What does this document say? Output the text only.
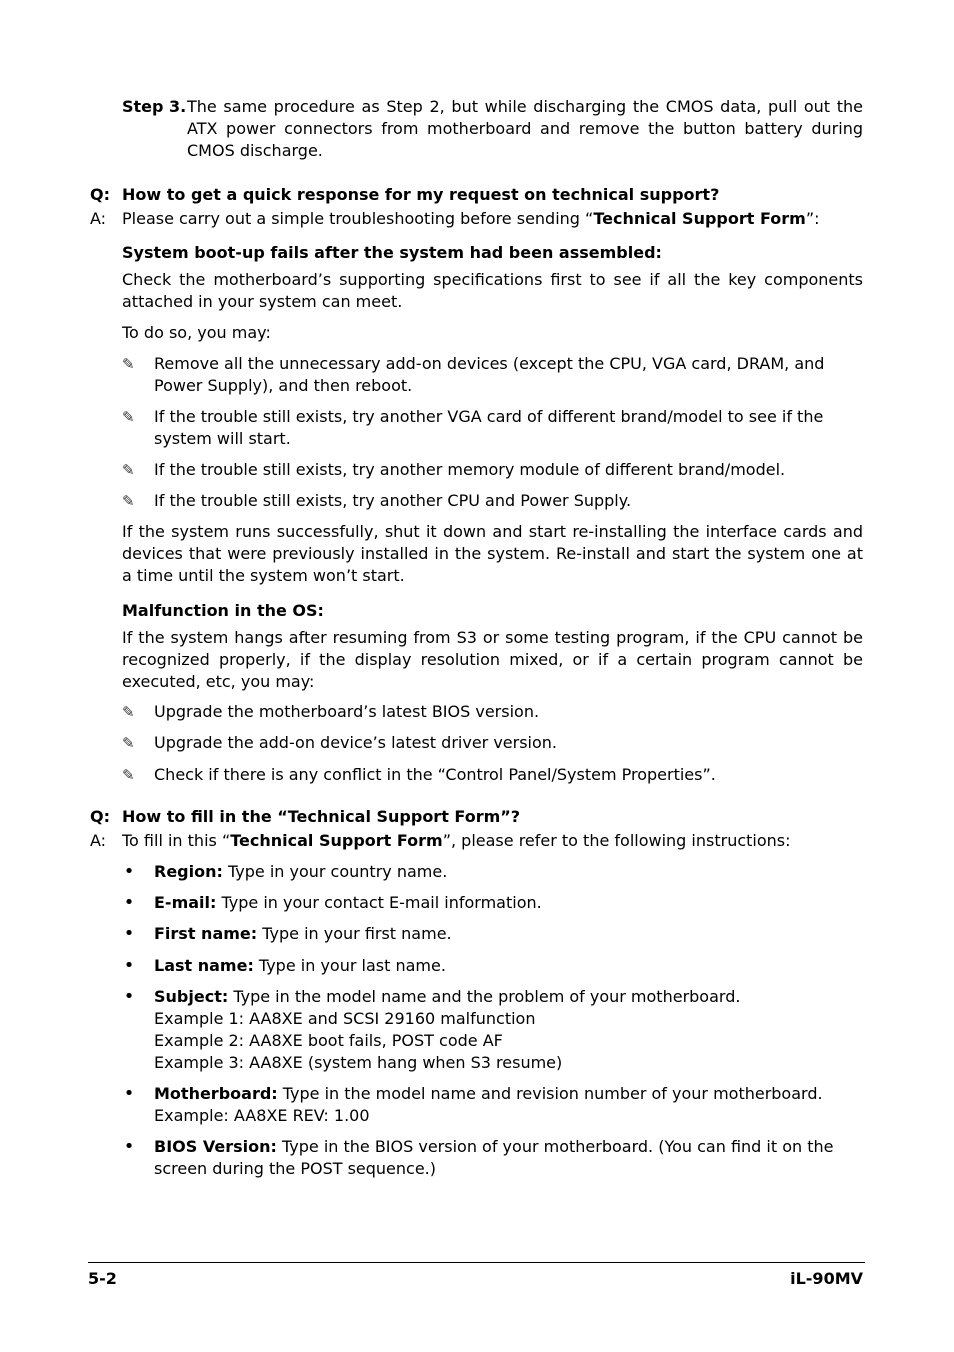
Step 3. The same procedure as Step 2, but while discharging the CMOS data, pull out the ATX power connectors from motherboard and remove the button battery during CMOS discharge.
Q: How to get a quick response for my request on technical support?
A: Please carry out a simple troubleshooting before sending “Technical Support Form”:
System boot-up fails after the system had been assembled:
Check the motherboard’s supporting specifications first to see if all the key components attached in your system can meet.
To do so, you may:
✎	Remove all the unnecessary add-on devices (except the CPU, VGA card, DRAM, and Power Supply), and then reboot.
✎	If the trouble still exists, try another VGA card of different brand/model to see if the system will start.
✎	If the trouble still exists, try another memory module of different brand/model.
✎	If the trouble still exists, try another CPU and Power Supply.
If the system runs successfully, shut it down and start re-installing the interface cards and devices that were previously installed in the system. Re-install and start the system one at a time until the system won’t start.
Malfunction in the OS:
If the system hangs after resuming from S3 or some testing program, if the CPU cannot be recognized properly, if the display resolution mixed, or if a certain program cannot be executed, etc, you may:
✎	Upgrade the motherboard’s latest BIOS version.
✎	Upgrade the add-on device’s latest driver version.
✎	Check if there is any conflict in the “Control Panel/System Properties”.
Q: How to fill in the “Technical Support Form”?
A: To fill in this “Technical Support Form”, please refer to the following instructions:
• Region: Type in your country name.
• E-mail: Type in your contact E-mail information.
• First name: Type in your first name.
• Last name: Type in your last name.
• Subject: Type in the model name and the problem of your motherboard.
Example 1: AA8XE and SCSI 29160 malfunction
Example 2: AA8XE boot fails, POST code AF
Example 3: AA8XE (system hang when S3 resume)
• Motherboard: Type in the model name and revision number of your motherboard.
Example: AA8XE REV: 1.00
• BIOS Version: Type in the BIOS version of your motherboard. (You can find it on the screen during the POST sequence.)
5-2	iL-90MV
